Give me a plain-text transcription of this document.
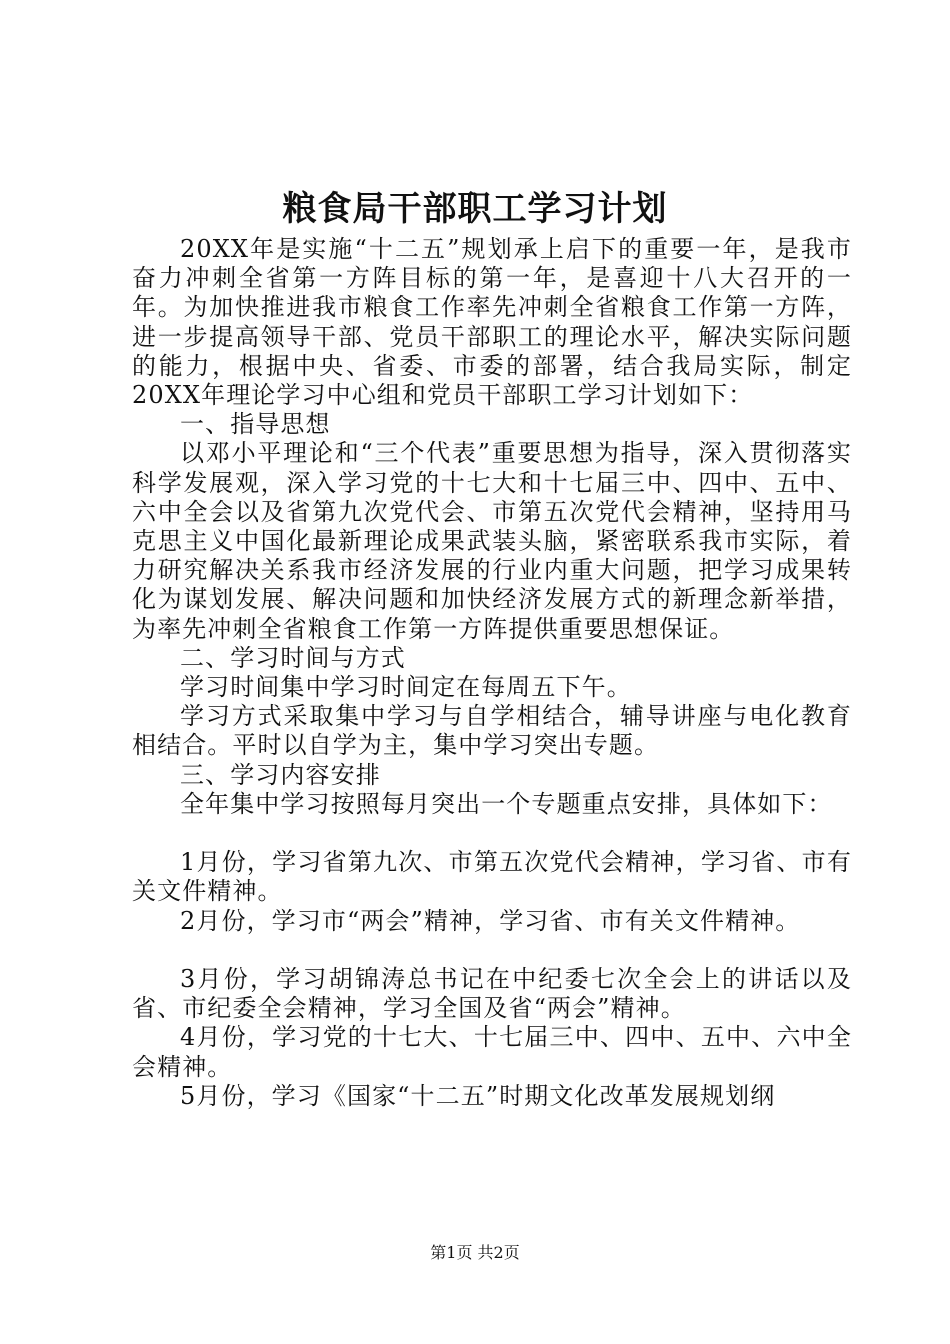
粮食局干部职工学习计划

20XX年是实施“十二五”规划承上启下的重要一年，是我市奋力冲刺全省第一方阵目标的第一年，是喜迎十八大召开的一年。为加快推进我市粮食工作率先冲刺全省粮食工作第一方阵，进一步提高领导干部、党员干部职工的理论水平，解决实际问题的能力，根据中央、省委、市委的部署，结合我局实际，制定20XX年理论学习中心组和党员干部职工学习计划如下：

一、指导思想

以邓小平理论和“三个代表”重要思想为指导，深入贯彻落实科学发展观，深入学习党的十七大和十七届三中、四中、五中、六中全会以及省第九次党代会、市第五次党代会精神，坚持用马克思主义中国化最新理论成果武装头脑，紧密联系我市实际，着力研究解决关系我市经济发展的行业内重大问题，把学习成果转化为谋划发展、解决问题和加快经济发展方式的新理念新举措，为率先冲刺全省粮食工作第一方阵提供重要思想保证。

二、学习时间与方式

学习时间集中学习时间定在每周五下午。

学习方式采取集中学习与自学相结合，辅导讲座与电化教育相结合。平时以自学为主，集中学习突出专题。

三、学习内容安排

全年集中学习按照每月突出一个专题重点安排，具体如下：

1月份，学习省第九次、市第五次党代会精神，学习省、市有关文件精神。

2月份，学习市“两会”精神，学习省、市有关文件精神。

3月份，学习胡锦涛总书记在中纪委七次全会上的讲话以及省、市纪委全会精神，学习全国及省“两会”精神。

4月份，学习党的十七大、十七届三中、四中、五中、六中全会精神。

5月份，学习《国家“十二五”时期文化改革发展规划纲

第1页 共2页
